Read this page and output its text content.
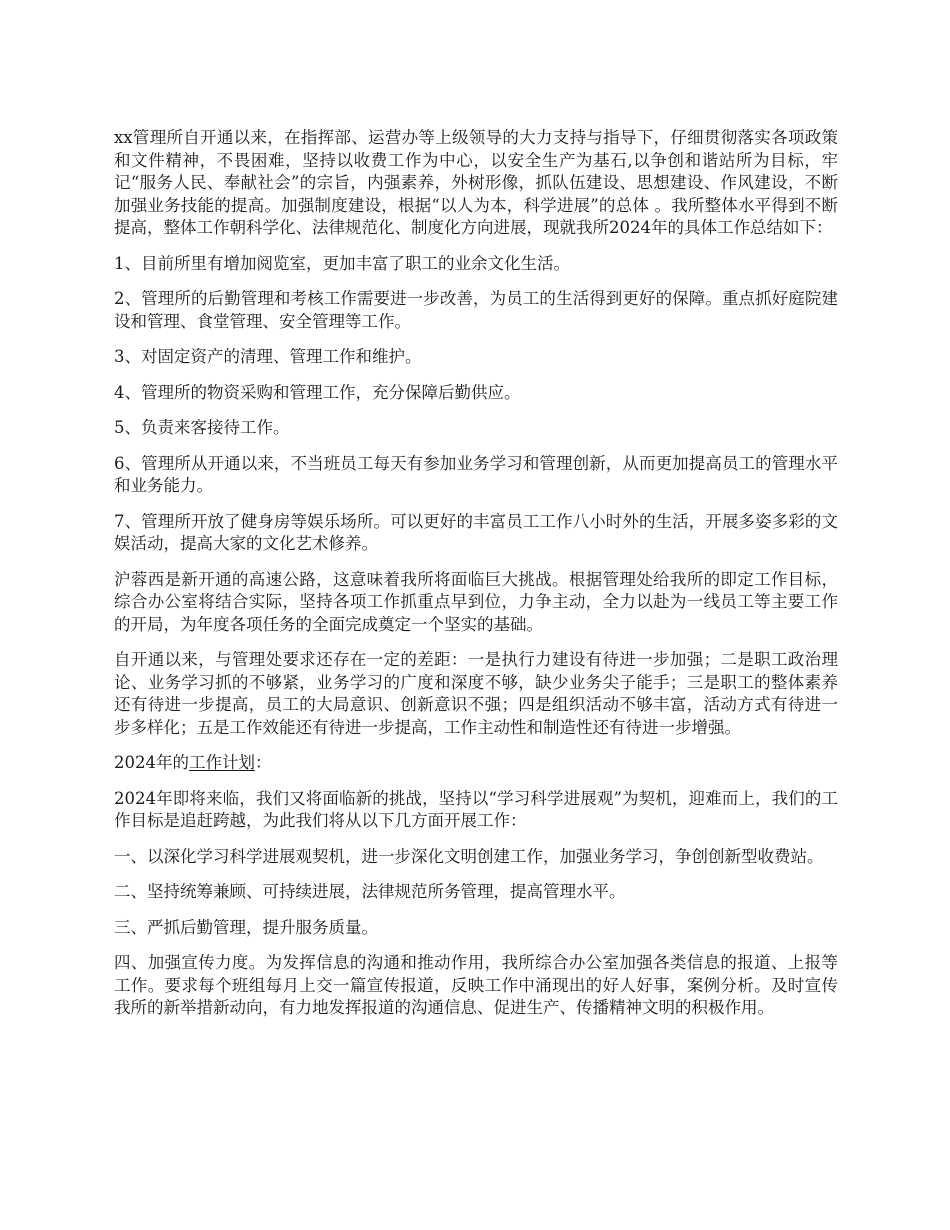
xx管理所自开通以来，在指挥部、运营办等上级领导的大力支持与指导下，仔细贯彻落实各项政策和文件精神，不畏困难，坚持以收费工作为中心，以安全生产为基石,以争创和谐站所为目标，牢记“服务人民、奉献社会”的宗旨，内强素养，外树形像，抓队伍建设、思想建设、作风建设，不断加强业务技能的提高。加强制度建设，根据“以人为本，科学进展”的总体 。我所整体水平得到不断提高，整体工作朝科学化、法律规范化、制度化方向进展，现就我所2024年的具体工作总结如下：

1、目前所里有增加阅览室，更加丰富了职工的业余文化生活。

2、管理所的后勤管理和考核工作需要进一步改善，为员工的生活得到更好的保障。重点抓好庭院建设和管理、食堂管理、安全管理等工作。

3、对固定资产的清理、管理工作和维护。

4、管理所的物资采购和管理工作，充分保障后勤供应。

5、负责来客接待工作。

6、管理所从开通以来，不当班员工每天有参加业务学习和管理创新，从而更加提高员工的管理水平和业务能力。

7、管理所开放了健身房等娱乐场所。可以更好的丰富员工工作八小时外的生活，开展多姿多彩的文娱活动，提高大家的文化艺术修养。

沪蓉西是新开通的高速公路，这意味着我所将面临巨大挑战。根据管理处给我所的即定工作目标，综合办公室将结合实际，坚持各项工作抓重点早到位，力争主动，全力以赴为一线员工等主要工作的开局，为年度各项任务的全面完成奠定一个坚实的基础。

自开通以来，与管理处要求还存在一定的差距：一是执行力建设有待进一步加强；二是职工政治理论、业务学习抓的不够紧，业务学习的广度和深度不够，缺少业务尖子能手；三是职工的整体素养还有待进一步提高，员工的大局意识、创新意识不强；四是组织活动不够丰富，活动方式有待进一步多样化；五是工作效能还有待进一步提高，工作主动性和制造性还有待进一步增强。

2024年的工作计划：

2024年即将来临，我们又将面临新的挑战，坚持以“学习科学进展观”为契机，迎难而上，我们的工作目标是追赶跨越，为此我们将从以下几方面开展工作：

一、以深化学习科学进展观契机，进一步深化文明创建工作，加强业务学习，争创创新型收费站。

二、坚持统筹兼顾、可持续进展，法律规范所务管理，提高管理水平。

三、严抓后勤管理，提升服务质量。

四、加强宣传力度。为发挥信息的沟通和推动作用，我所综合办公室加强各类信息的报道、上报等工作。要求每个班组每月上交一篇宣传报道，反映工作中涌现出的好人好事，案例分析。及时宣传我所的新举措新动向，有力地发挥报道的沟通信息、促进生产、传播精神文明的积极作用。
